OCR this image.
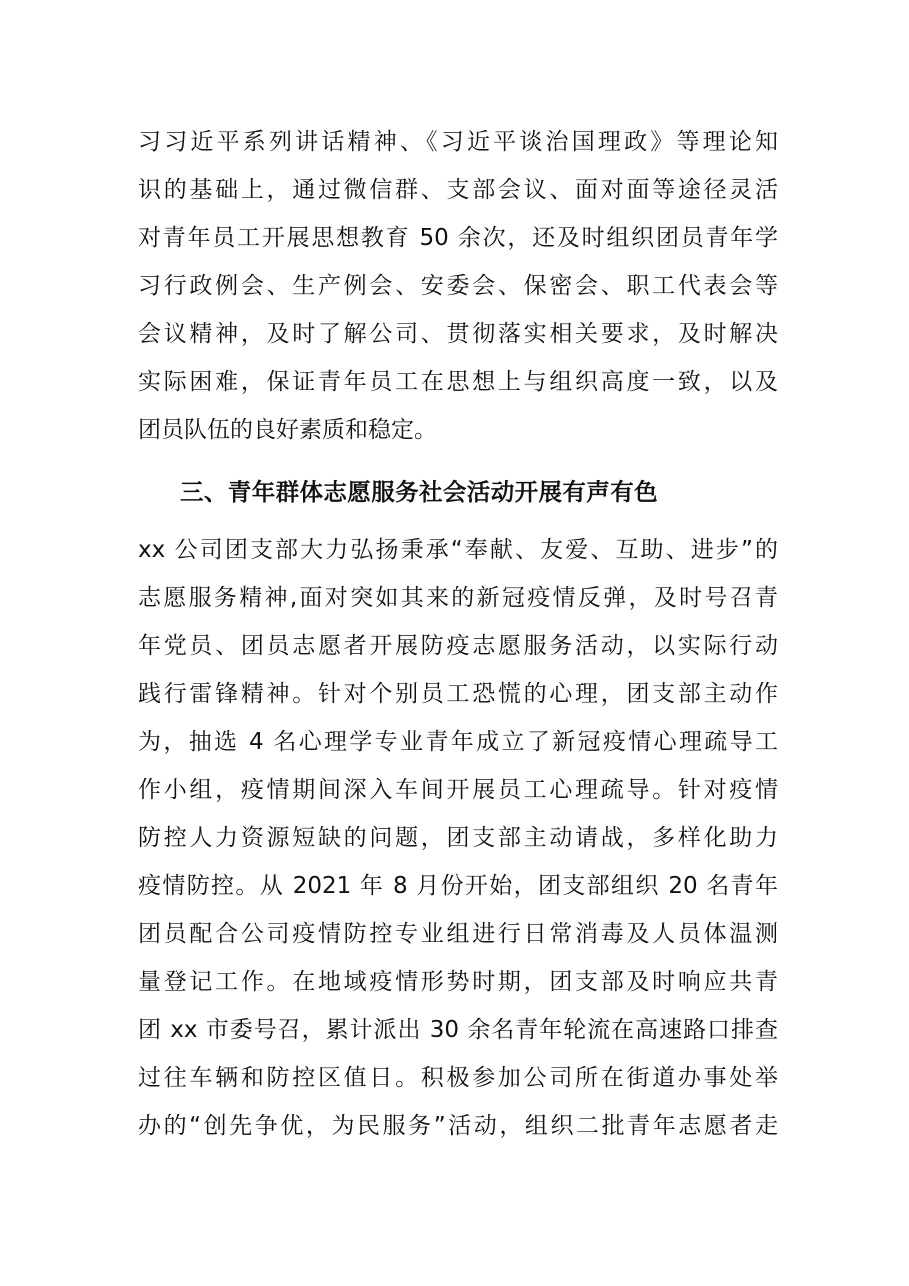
习习近平系列讲话精神、《习近平谈治国理政》等理论知
识的基础上，通过微信群、支部会议、面对面等途径灵活
对青年员工开展思想教育 50 余次，还及时组织团员青年学
习行政例会、生产例会、安委会、保密会、职工代表会等
会议精神，及时了解公司、贯彻落实相关要求，及时解决
实际困难，保证青年员工在思想上与组织高度一致，以及
团员队伍的良好素质和稳定。
三、青年群体志愿服务社会活动开展有声有色
xx 公司团支部大力弘扬秉承“奉献、友爱、互助、进步”的
志愿服务精神,面对突如其来的新冠疫情反弹，及时号召青
年党员、团员志愿者开展防疫志愿服务活动，以实际行动
践行雷锋精神。针对个别员工恐慌的心理，团支部主动作
为，抽选 4 名心理学专业青年成立了新冠疫情心理疏导工
作小组，疫情期间深入车间开展员工心理疏导。针对疫情
防控人力资源短缺的问题，团支部主动请战，多样化助力
疫情防控。从 2021 年 8 月份开始，团支部组织 20 名青年
团员配合公司疫情防控专业组进行日常消毒及人员体温测
量登记工作。在地域疫情形势时期，团支部及时响应共青
团 xx 市委号召，累计派出 30 余名青年轮流在高速路口排查
过往车辆和防控区值日。积极参加公司所在街道办事处举
办的“创先争优，为民服务”活动，组织二批青年志愿者走
